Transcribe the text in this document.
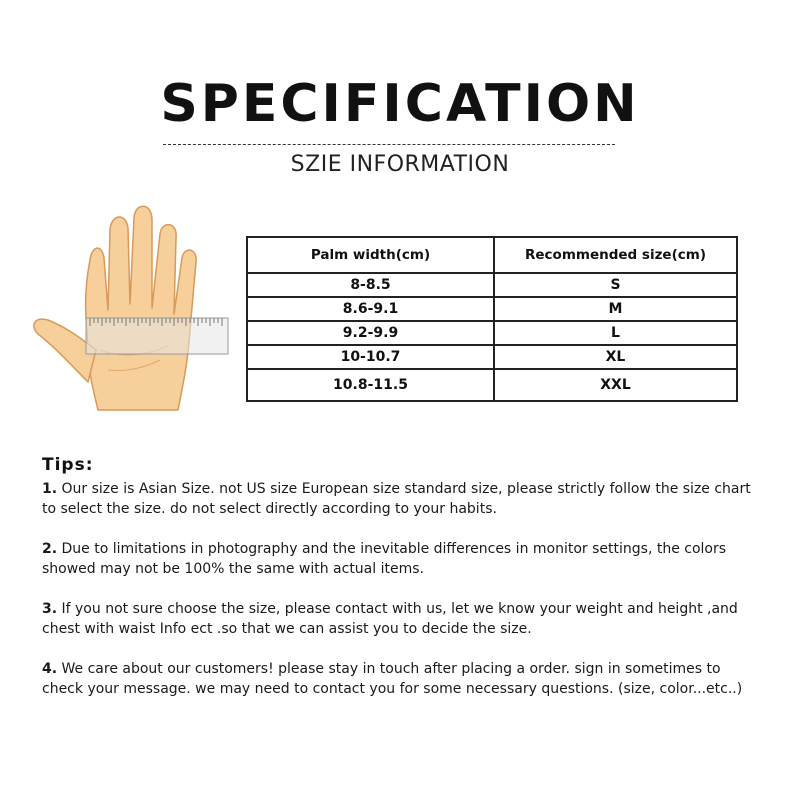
SPECIFICATION
SZIE INFORMATION
Palm width(cm)	Recommended size(cm)
8-8.5	S
8.6-9.1	M
9.2-9.9	L
10-10.7	XL
10.8-11.5	XXL
Tips:
1. Our size is Asian Size. not US size European size standard size, please strictly follow the size chart to select the size. do not select directly according to your habits.
2. Due to limitations in photography and the inevitable differences in monitor settings, the colors showed may not be 100% the same with actual items.
3. If you not sure choose the size, please contact with us, let we know your weight and height ,and chest with waist Info ect .so that we can assist you to decide the size.
4. We care about our customers! please stay in touch after placing a order. sign in sometimes to check your message. we may need to contact you for some necessary questions. (size, color...etc..)
